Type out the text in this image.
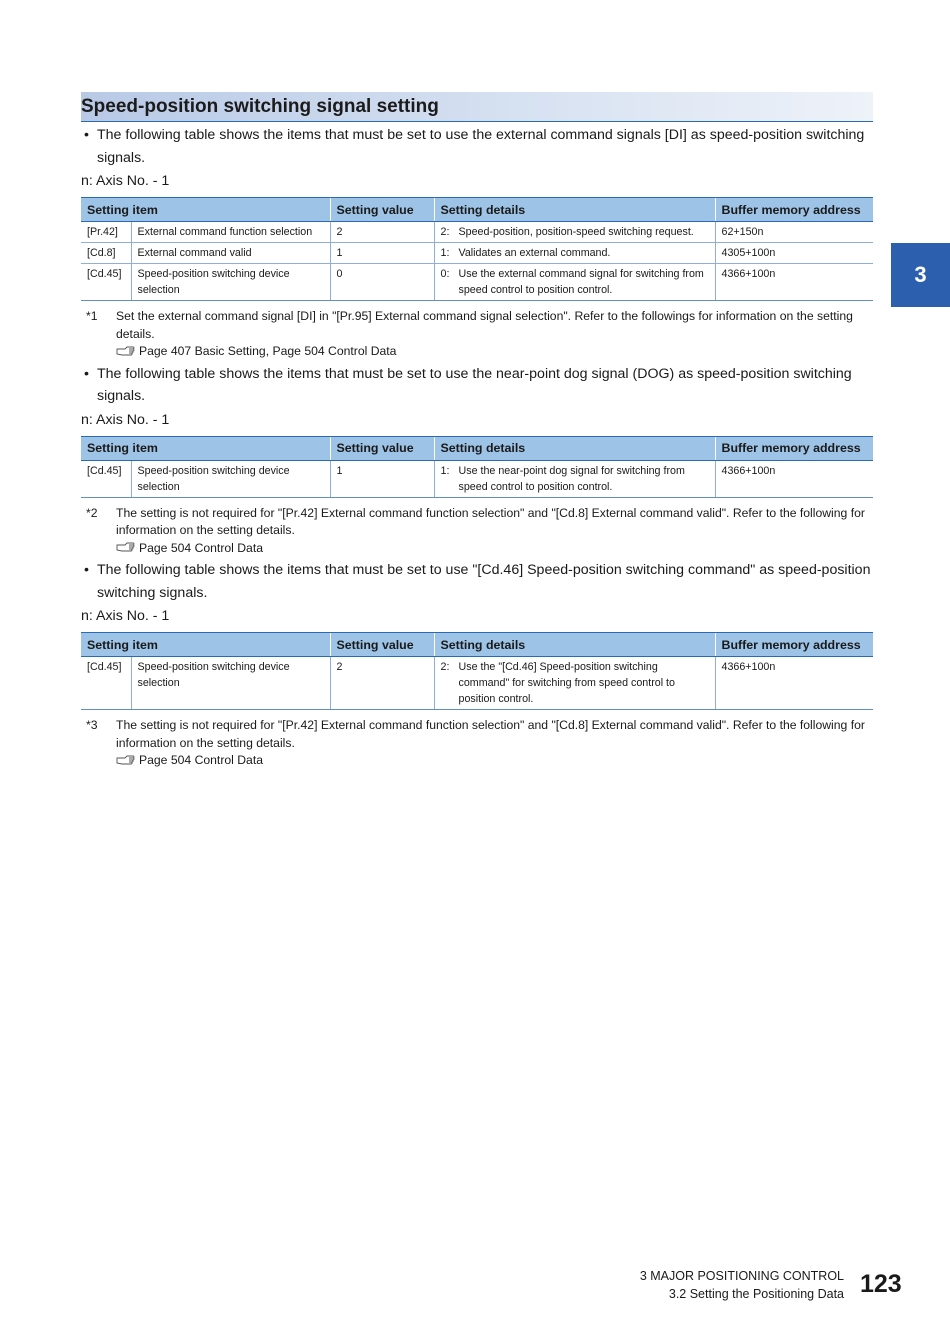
Speed-position switching signal setting
• The following table shows the items that must be set to use the external command signals [DI] as speed-position switching signals.
n: Axis No. - 1
Setting item		Setting value	Setting details	Buffer memory address
[Pr.42]	External command function selection	2	2: Speed-position, position-speed switching request.	62+150n
[Cd.8]	External command valid	1	1: Validates an external command.	4305+100n
[Cd.45]	Speed-position switching device selection	0	0: Use the external command signal for switching from speed control to position control.	4366+100n
*1 Set the external command signal [DI] in "[Pr.95] External command signal selection". Refer to the followings for information on the setting details.
Page 407 Basic Setting, Page 504 Control Data
• The following table shows the items that must be set to use the near-point dog signal (DOG) as speed-position switching signals.
n: Axis No. - 1
Setting item		Setting value	Setting details	Buffer memory address
[Cd.45]	Speed-position switching device selection	1	1: Use the near-point dog signal for switching from speed control to position control.	4366+100n
*2 The setting is not required for "[Pr.42] External command function selection" and "[Cd.8] External command valid". Refer to the following for information on the setting details.
Page 504 Control Data
• The following table shows the items that must be set to use "[Cd.46] Speed-position switching command" as speed-position switching signals.
n: Axis No. - 1
Setting item		Setting value	Setting details	Buffer memory address
[Cd.45]	Speed-position switching device selection	2	2: Use the "[Cd.46] Speed-position switching command" for switching from speed control to position control.	4366+100n
*3 The setting is not required for "[Pr.42] External command function selection" and "[Cd.8] External command valid". Refer to the following for information on the setting details.
Page 504 Control Data
3
3 MAJOR POSITIONING CONTROL
3.2 Setting the Positioning Data 123
